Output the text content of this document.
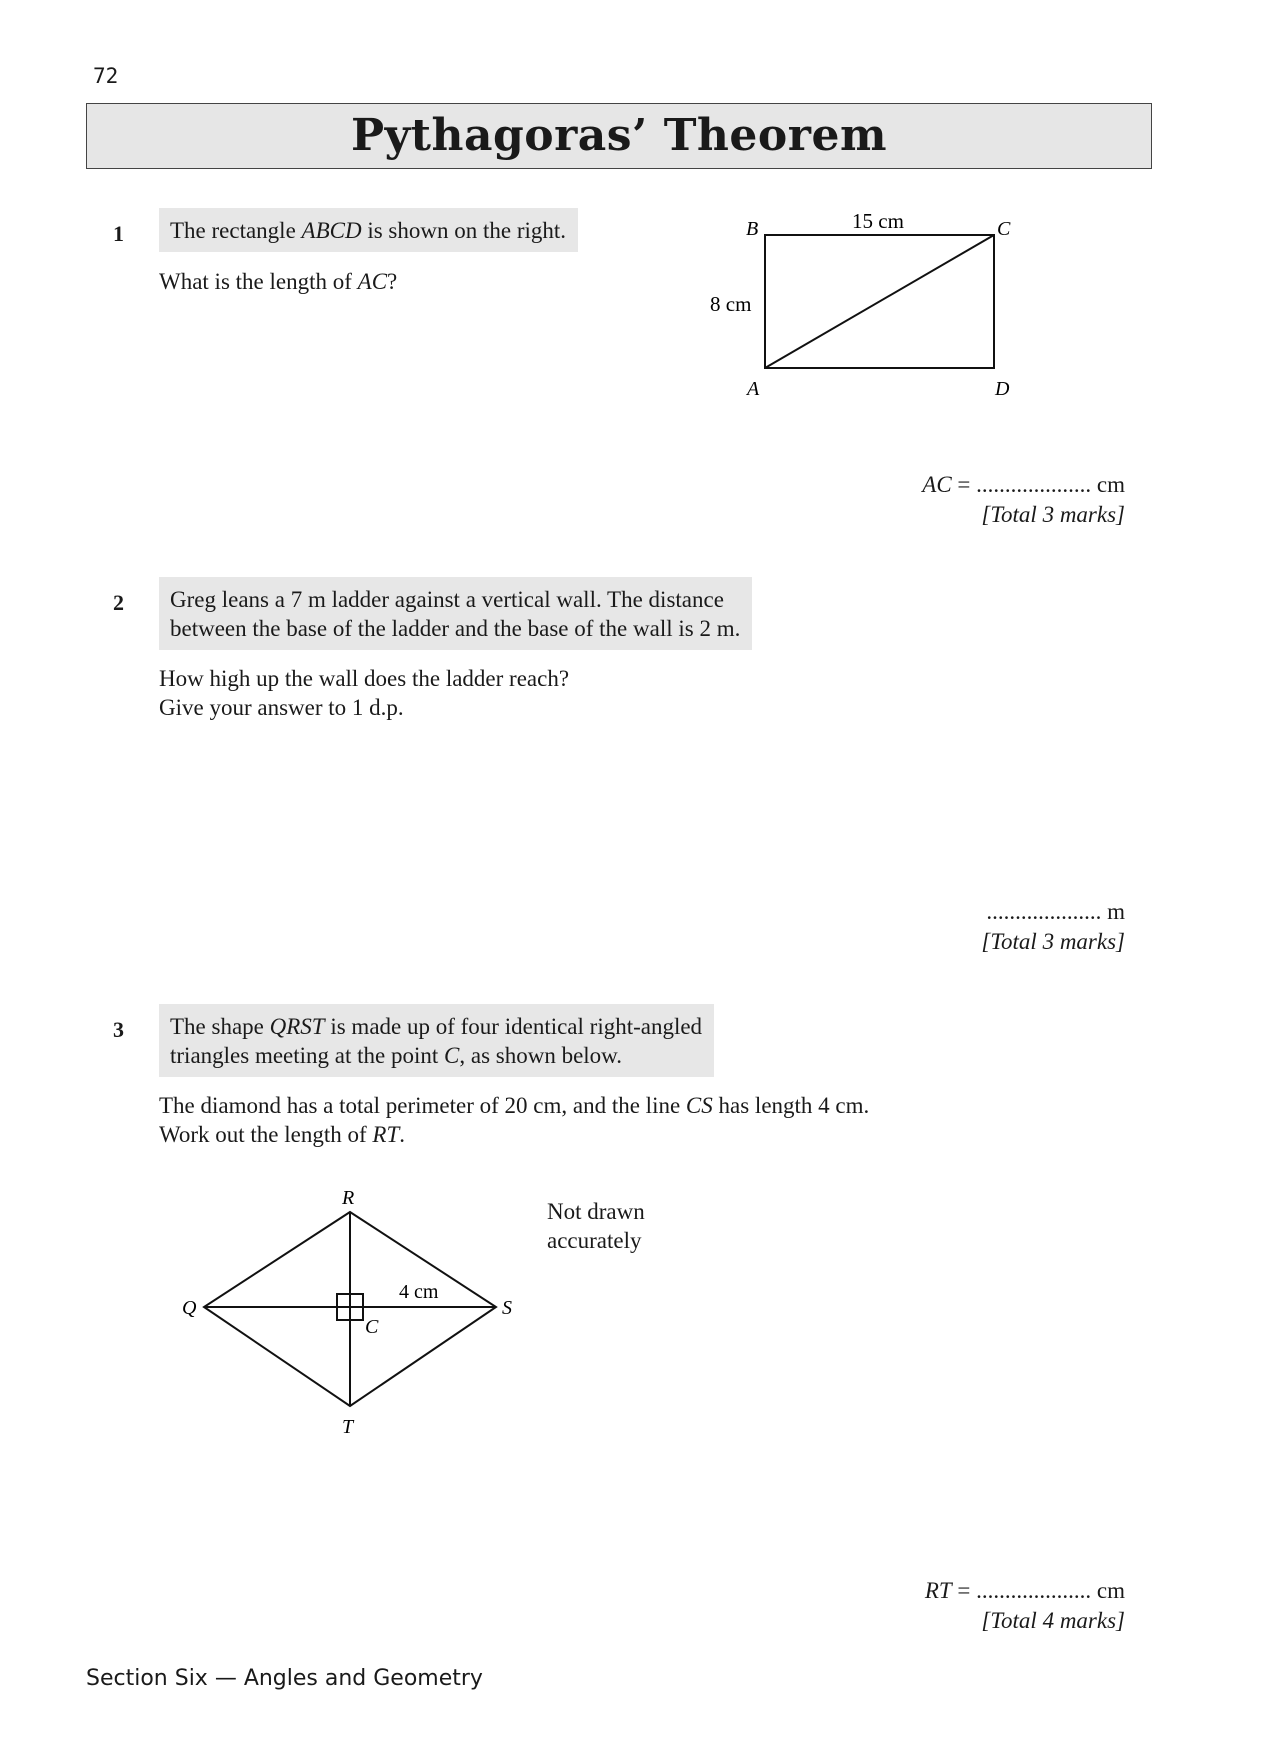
72
Pythagoras’ Theorem
1	The rectangle ABCD is shown on the right.
What is the length of AC?
15 cm
8 cm
B	C
A	D
AC = .................... cm
[Total 3 marks]
2 Greg leans a 7 m ladder against a vertical wall. The distance
between the base of the ladder and the base of the wall is 2 m.
How high up the wall does the ladder reach?
Give your answer to 1 d.p.
.................... m
[Total 3 marks]
3 The shape QRST is made up of four identical right-angled
triangles meeting at the point C, as shown below.
The diamond has a total perimeter of 20 cm, and the line CS has length 4 cm.
Work out the length of RT.
R
Q	S
T
C
4 cm
Not drawn
accurately
RT = .................... cm
[Total 4 marks]
Section Six — Angles and Geometry
